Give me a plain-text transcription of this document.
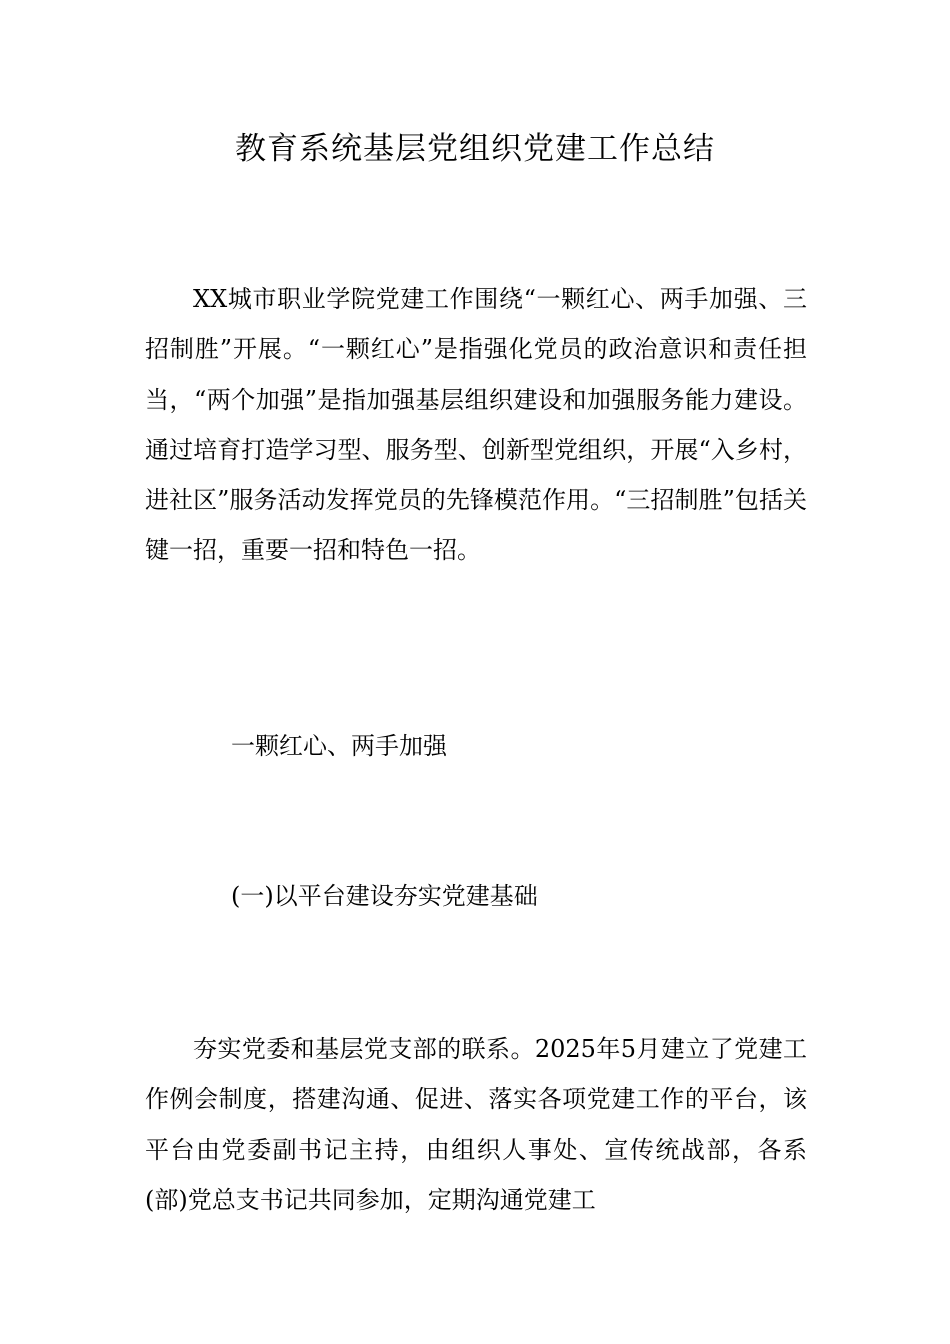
教育系统基层党组织党建工作总结

XX城市职业学院党建工作围绕“一颗红心、两手加强、三招制胜”开展。“一颗红心”是指强化党员的政治意识和责任担当，“两个加强”是指加强基层组织建设和加强服务能力建设。通过培育打造学习型、服务型、创新型党组织，开展“入乡村，进社区”服务活动发挥党员的先锋模范作用。“三招制胜”包括关键一招，重要一招和特色一招。

一颗红心、两手加强
(一)以平台建设夯实党建基础

夯实党委和基层党支部的联系。2025年5月建立了党建工作例会制度，搭建沟通、促进、落实各项党建工作的平台，该平台由党委副书记主持，由组织人事处、宣传统战部，各系(部)党总支书记共同参加，定期沟通党建工
